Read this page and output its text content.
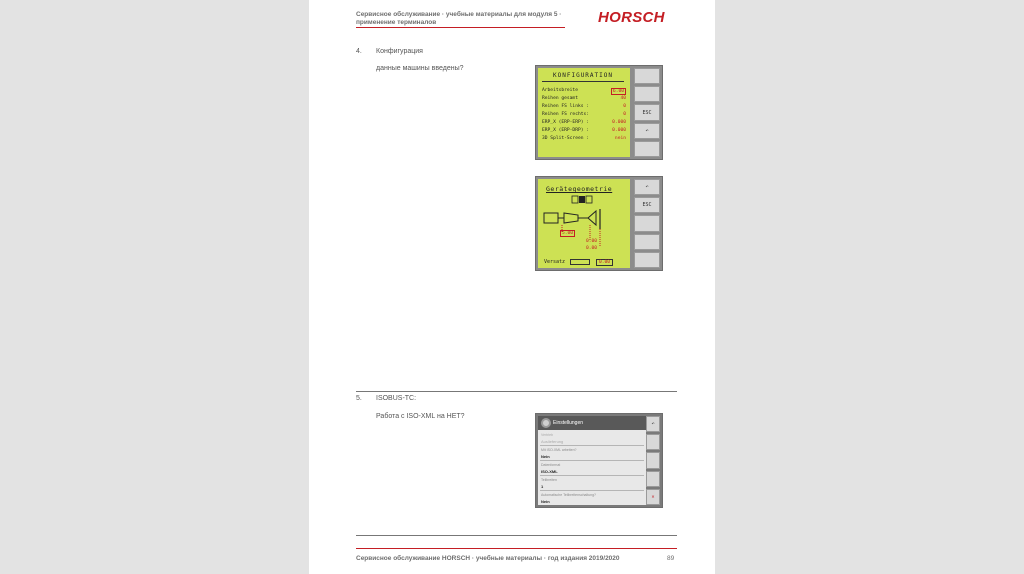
Сервисное обслуживание · учебные материалы для модуля 5 ·
применение терминалов	HORSCH
4. Конфигурация
данные машины введены?
KONFIGURATION
Arbeitsbreite	6.00
Reihen gesamt	40
Reihen FS links :	0
Reihen FS rechts:	0
ERP_X (ERP-ERP) :	0.000
ERP_X (ERP-DRP) :	0.000
3D Split-Screen :	nein
ESC
↶
Gerätegeometrie
5.00
0.00
0.00
Versatz	0.00
↶
ESC
5. ISOBUS-TC:
Работа с ISO-XML на НЕТ?
Einstellungen
Vertrieb
Auslieferung
Mit ISO-XML arbeiten?
Nein
Datenformat
ISO-XML
Teilbreiten
1
Automatische Teilbreitenschaltung?
Nein
↶
✕
Сервисное обслуживание HORSCH · учебные материалы · год издания 2019/2020	89
